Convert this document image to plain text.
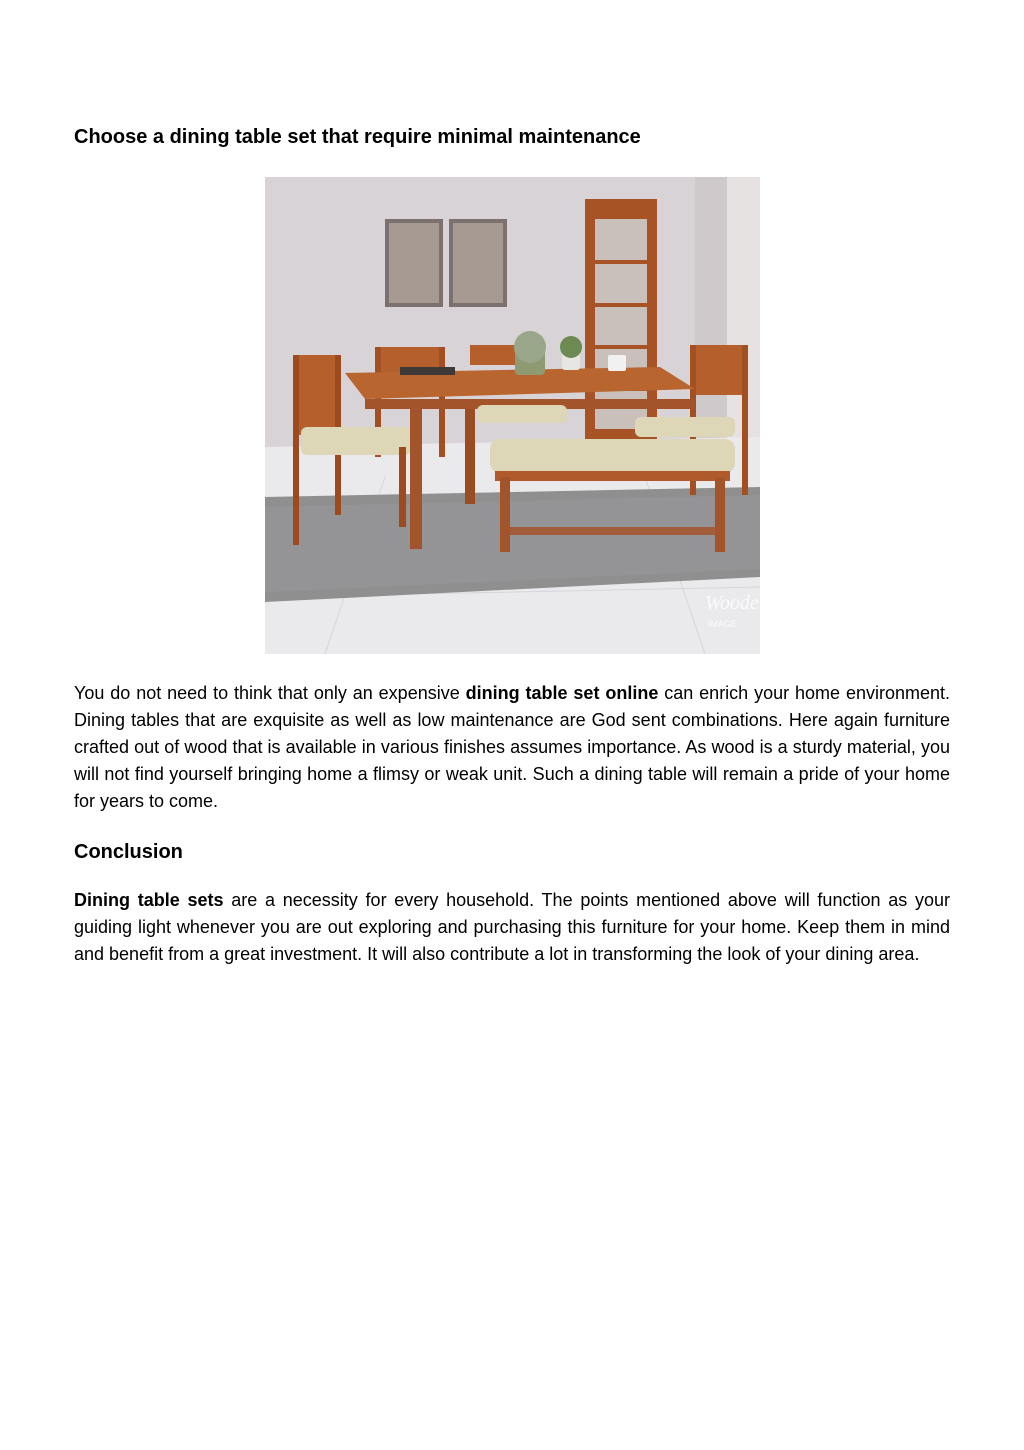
Choose a dining table set that require minimal maintenance
Woode
IMAGE

You do not need to think that only an expensive dining table set online can enrich your home environment. Dining tables that are exquisite as well as low maintenance are God sent combinations. Here again furniture crafted out of wood that is available in various finishes assumes importance. As wood is a sturdy material, you will not find yourself bringing home a flimsy or weak unit. Such a dining table will remain a pride of your home for years to come.

Conclusion

Dining table sets are a necessity for every household. The points mentioned above will function as your guiding light whenever you are out exploring and purchasing this furniture for your home. Keep them in mind and benefit from a great investment. It will also contribute a lot in transforming the look of your dining area.
